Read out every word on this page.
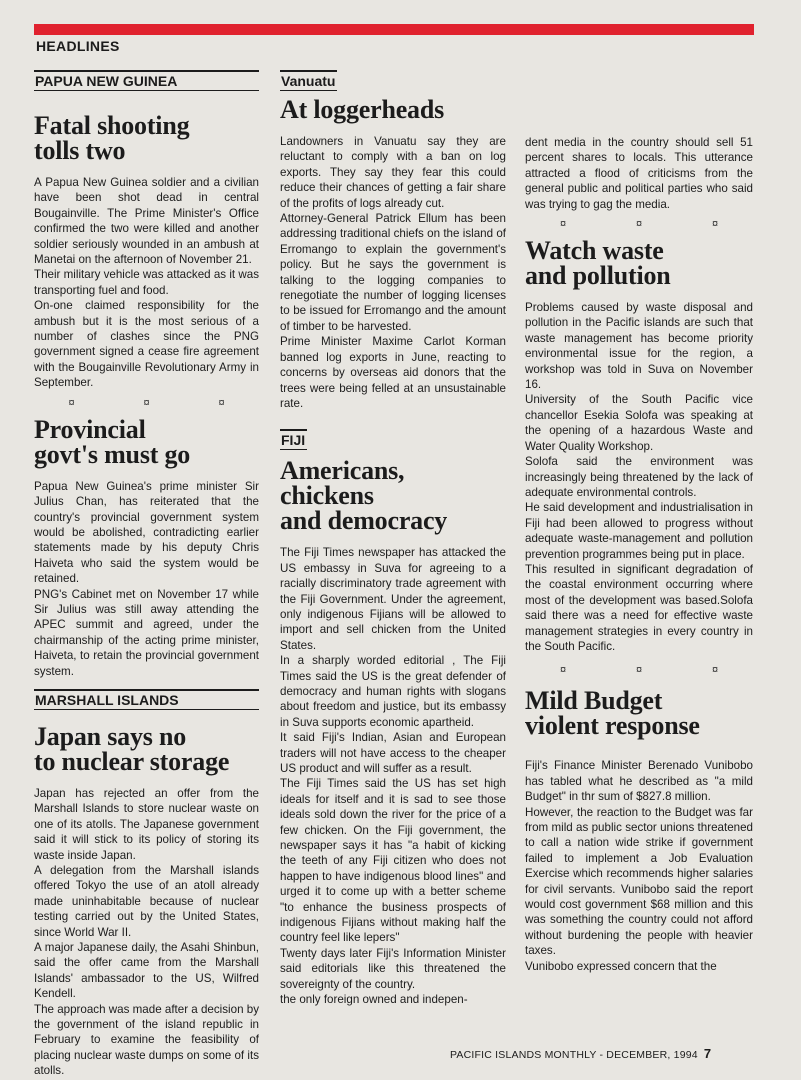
HEADLINES
PAPUA NEW GUINEA
Fatal shooting
tolls two

A Papua New Guinea soldier and a civilian have been shot dead in central Bougainville. The Prime Minister's Office confirmed the two were killed and another soldier seriously wounded in an ambush at Manetai on the afternoon of November 21.

Their military vehicle was attacked as it was transporting fuel and food.

On-one claimed responsibility for the ambush but it is the most serious of a number of clashes since the PNG government signed a cease fire agreement with the Bougainville Revolutionary Army in September.

¤	¤	¤
Provincial
govt's must go

Papua New Guinea's prime minister Sir Julius Chan, has reiterated that the country's provincial government system would be abolished, contradicting earlier statements made by his deputy Chris Haiveta who said the system would be retained.

PNG's Cabinet met on November 17 while Sir Julius was still away attending the APEC summit and agreed, under the chairmanship of the acting prime minister, Haiveta, to retain the provincial government system.

MARSHALL ISLANDS
Japan says no
to nuclear storage

Japan has rejected an offer from the Marshall Islands to store nuclear waste on one of its atolls. The Japanese government said it will stick to its policy of storing its waste inside Japan.

A delegation from the Marshall islands offered Tokyo the use of an atoll already made uninhabitable because of nuclear testing carried out by the United States, since World War II.

A major Japanese daily, the Asahi Shinbun, said the offer came from the Marshall Islands' ambassador to the US, Wilfred Kendell.

The approach was made after a decision by the government of the island republic in February to examine the feasibility of placing nuclear waste dumps on some of its atolls.

Vanuatu
At loggerheads

Landowners in Vanuatu say they are reluctant to comply with a ban on log exports. They say they fear this could reduce their chances of getting a fair share of the profits of logs already cut.

Attorney-General Patrick Ellum has been addressing traditional chiefs on the island of Erromango to explain the government's policy. But he says the government is talking to the logging companies to renegotiate the number of logging licenses to be issued for Erromango and the amount of timber to be harvested.

Prime Minister Maxime Carlot Korman banned log exports in June, reacting to concerns by overseas aid donors that the trees were being felled at an unsustainable rate.

FIJI
Americans,
chickens
and democracy

The Fiji Times newspaper has attacked the US embassy in Suva for agreeing to a racially discriminatory trade agreement with the Fiji Government. Under the agreement, only indigenous Fijians will be allowed to import and sell chicken from the United States.

In a sharply worded editorial , The Fiji Times said the US is the great defender of democracy and human rights with slogans about freedom and justice, but its embassy in Suva supports economic apartheid.

It said Fiji's Indian, Asian and European traders will not have access to the cheaper US product and will suffer as a result.

The Fiji Times said the US has set high ideals for itself and it is sad to see those ideals sold down the river for the price of a few chicken. On the Fiji government, the newspaper says it has "a habit of kicking the teeth of any Fiji citizen who does not happen to have indigenous blood lines" and urged it to come up with a better scheme "to enhance the business prospects of indigenous Fijians without making half the country feel like lepers"

Twenty days later Fiji's Information Minister said editorials like this threatened the sovereignty of the country.

the only foreign owned and indepen-

dent media in the country should sell 51 percent shares to locals. This utterance attracted a flood of criticisms from the general public and political parties who said was trying to gag the media.

¤	¤	¤
Watch waste
and pollution

Problems caused by waste disposal and pollution in the Pacific islands are such that waste management has become priority environmental issue for the region, a workshop was told in Suva on November 16.

University of the South Pacific vice chancellor Esekia Solofa was speaking at the opening of a hazardous Waste and Water Quality Workshop.

Solofa said the environment was increasingly being threatened by the lack of adequate environmental controls.

He said development and industrialisation in Fiji had been allowed to progress without adequate waste-management and pollution prevention programmes being put in place.

This resulted in significant degradation of the coastal environment occurring where most of the development was based.Solofa said there was a need for effective waste management strategies in every country in the South Pacific.

¤	¤	¤
Mild Budget
violent response

Fiji's Finance Minister Berenado Vunibobo has tabled what he described as "a mild Budget" in thr sum of $827.8 million.

However, the reaction to the Budget was far from mild as public sector unions threatened to call a nation wide strike if government failed to implement a Job Evaluation Exercise which recommends higher salaries for civil servants. Vunibobo said the report would cost government $68 million and this was something the country could not afford without burdening the people with heavier taxes.

Vunibobo expressed concern that the

PACIFIC ISLANDS MONTHLY - DECEMBER, 1994 7
